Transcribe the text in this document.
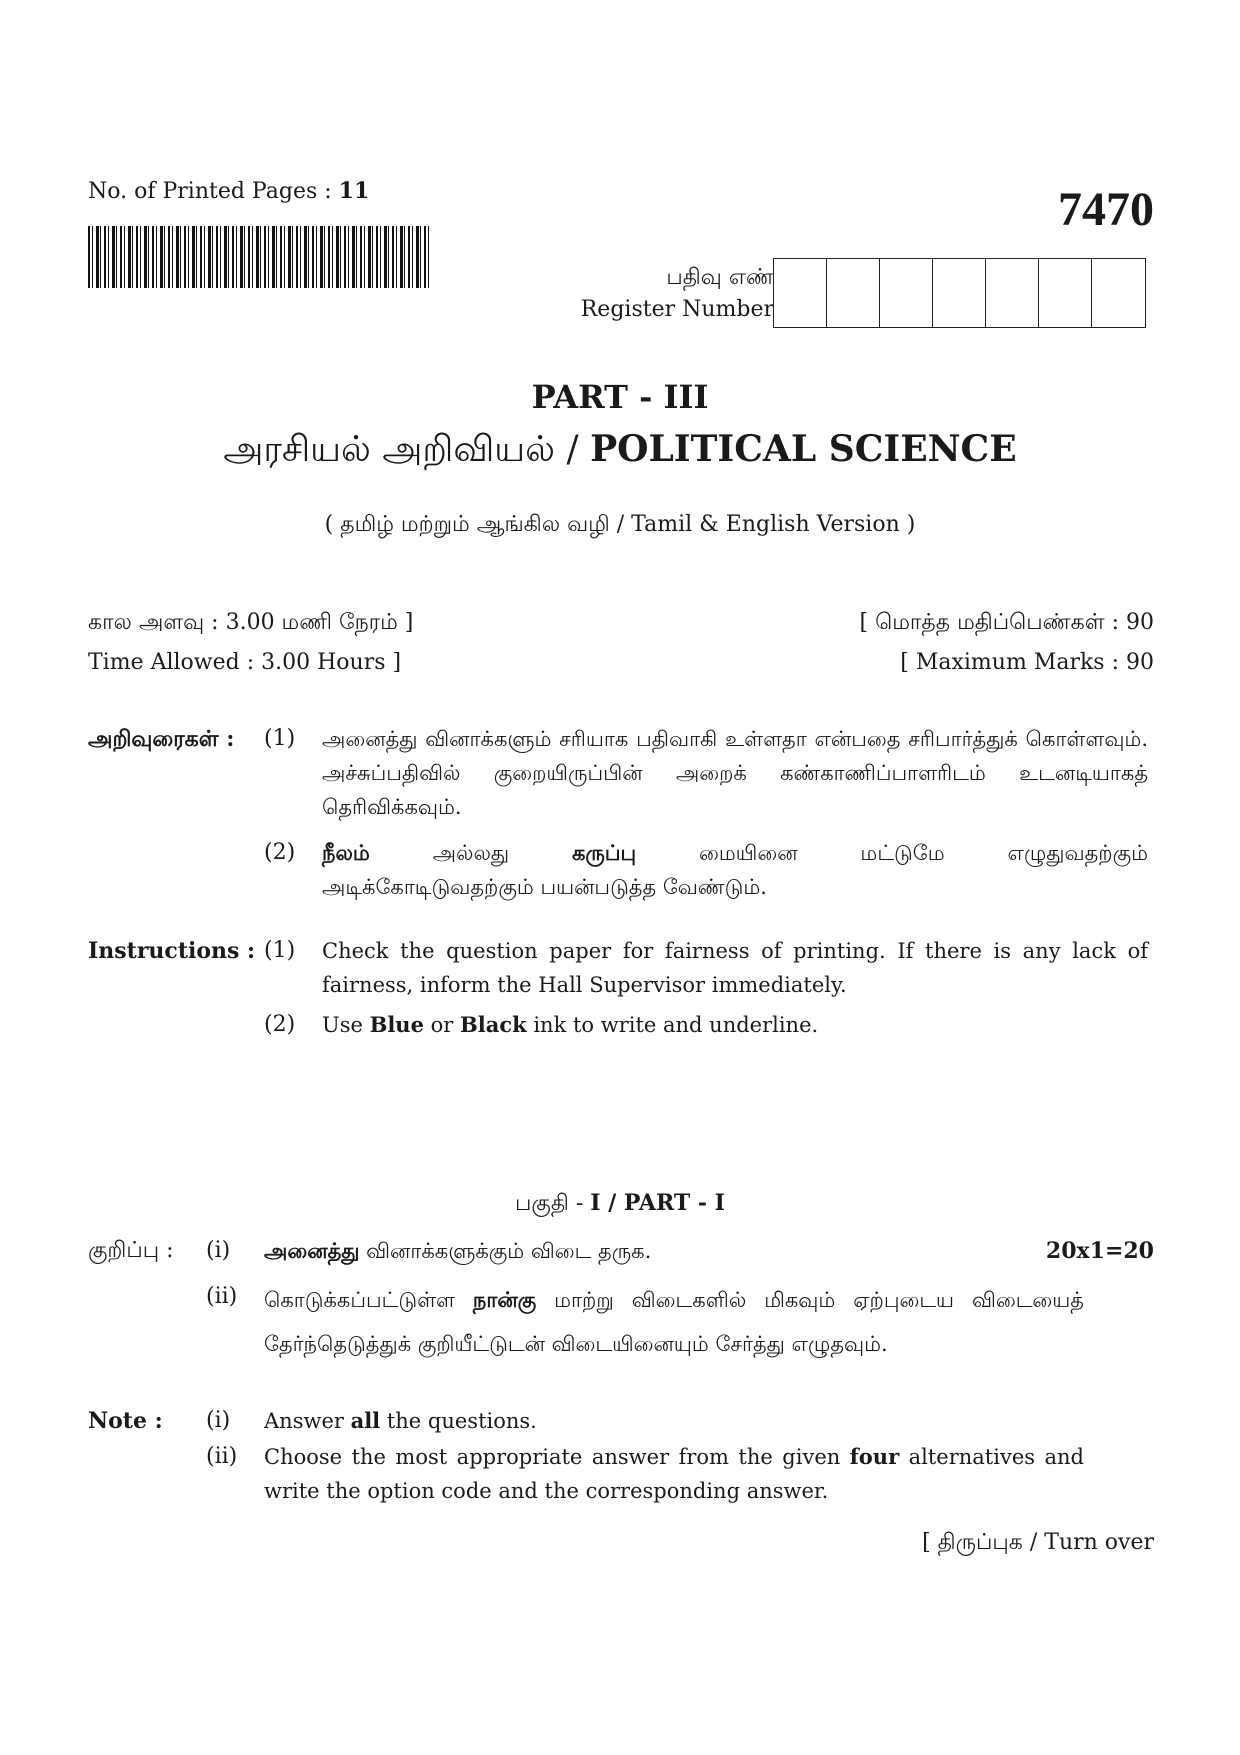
No. of Printed Pages : 11	7470
பதிவு எண்
Register Number
PART - III
அரசியல் அறிவியல் / POLITICAL SCIENCE
( தமிழ் மற்றும் ஆங்கில வழி / Tamil & English Version )
கால அளவு : 3.00 மணி நேரம் ]
Time Allowed : 3.00 Hours ]
[ மொத்த மதிப்பெண்கள் : 90
[ Maximum Marks : 90
அறிவுரைகள் : (1) அனைத்து வினாக்களும் சரியாக பதிவாகி உள்ளதா என்பதை சரிபார்த்துக் கொள்ளவும். அச்சுப்பதிவில் குறையிருப்பின் அறைக் கண்காணிப்பாளரிடம் உடனடியாகத் தெரிவிக்கவும்.
(2) நீலம் அல்லது கருப்பு மையினை மட்டுமே எழுதுவதற்கும்
அடிக்கோடிடுவதற்கும் பயன்படுத்த வேண்டும்.
Instructions : (1) Check the question paper for fairness of printing. If there is any lack of fairness, inform the Hall Supervisor immediately.
(2) Use Blue or Black ink to write and underline.
பகுதி - I / PART - I
குறிப்பு : (i) அனைத்து வினாக்களுக்கும் விடை தருக.	20x1=20
(ii) கொடுக்கப்பட்டுள்ள நான்கு மாற்று விடைகளில் மிகவும் ஏற்புடைய விடையைத் தேர்ந்தெடுத்துக் குறியீட்டுடன் விடையினையும் சேர்த்து எழுதவும்.
Note : (i) Answer all the questions.
(ii) Choose the most appropriate answer from the given four alternatives and write the option code and the corresponding answer.
[ திருப்புக / Turn over
